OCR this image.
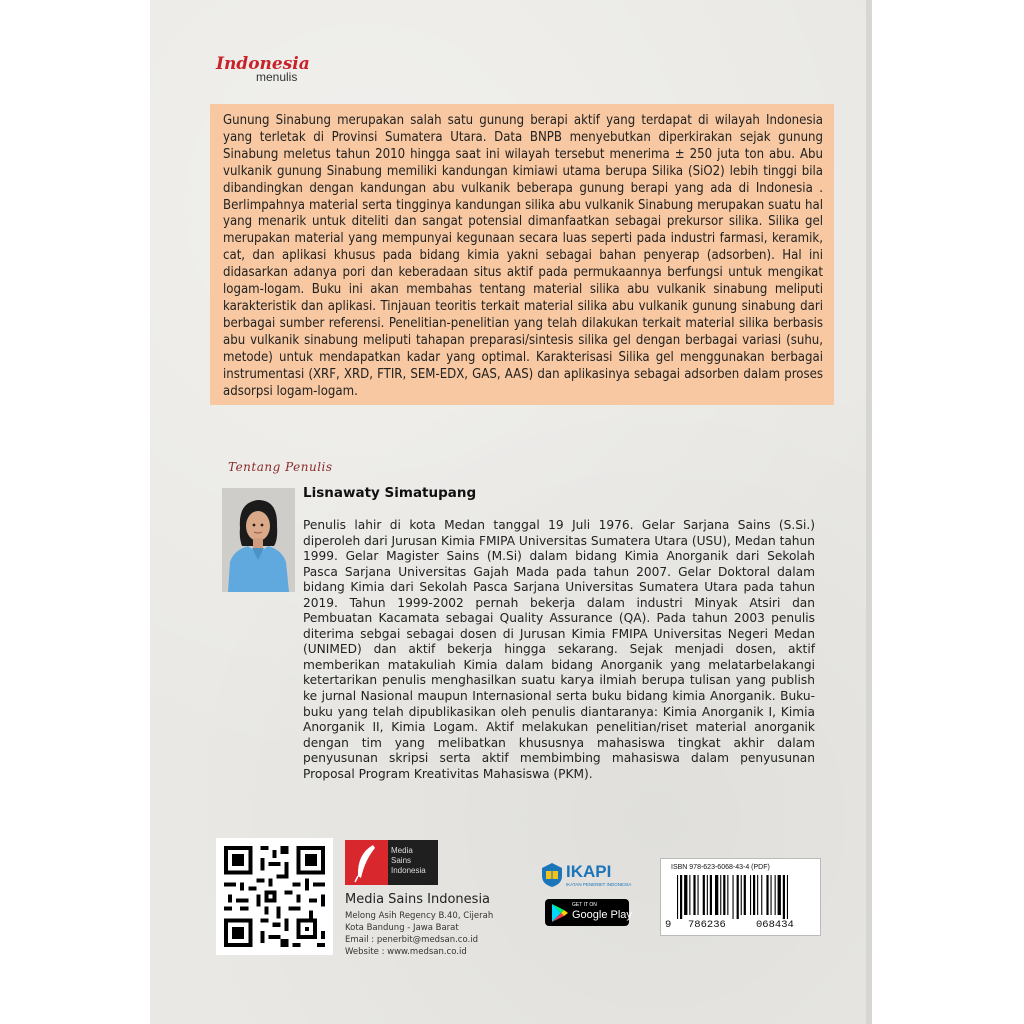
Indonesia
menulis

Gunung Sinabung merupakan salah satu gunung berapi aktif yang terdapat di wilayah Indonesia yang terletak di Provinsi Sumatera Utara. Data BNPB menyebutkan diperkirakan sejak gunung Sinabung meletus tahun 2010 hingga saat ini wilayah tersebut menerima ± 250 juta ton abu. Abu vulkanik gunung Sinabung memiliki kandungan kimiawi utama berupa Silika (SiO2) lebih tinggi bila dibandingkan dengan kandungan abu vulkanik beberapa gunung berapi yang ada di Indonesia . Berlimpahnya material serta tingginya kandungan silika abu vulkanik Sinabung merupakan suatu hal yang menarik untuk diteliti dan sangat potensial dimanfaatkan sebagai prekursor silika. Silika gel merupakan material yang mempunyai kegunaan secara luas seperti pada industri farmasi, keramik, cat, dan aplikasi khusus pada bidang kimia yakni sebagai bahan penyerap (adsorben). Hal ini didasarkan adanya pori dan keberadaan situs aktif pada permukaannya berfungsi untuk mengikat logam-logam. Buku ini akan membahas tentang material silika abu vulkanik sinabung meliputi karakteristik dan aplikasi. Tinjauan teoritis terkait material silika abu vulkanik gunung sinabung dari berbagai sumber referensi. Penelitian-penelitian yang telah dilakukan terkait material silika berbasis abu vulkanik sinabung meliputi tahapan preparasi/sintesis silika gel dengan berbagai variasi (suhu, metode) untuk mendapatkan kadar yang optimal. Karakterisasi Silika gel menggunakan berbagai instrumentasi (XRF, XRD, FTIR, SEM-EDX, GAS, AAS) dan aplikasinya sebagai adsorben dalam proses adsorpsi logam-logam.

Tentang Penulis
Lisnawaty Simatupang

Penulis lahir di kota Medan tanggal 19 Juli 1976. Gelar Sarjana Sains (S.Si.) diperoleh dari Jurusan Kimia FMIPA Universitas Sumatera Utara (USU), Medan tahun 1999. Gelar Magister Sains (M.Si) dalam bidang Kimia Anorganik dari Sekolah Pasca Sarjana Universitas Gajah Mada pada tahun 2007. Gelar Doktoral dalam bidang Kimia dari Sekolah Pasca Sarjana Universitas Sumatera Utara pada tahun 2019. Tahun 1999-2002 pernah bekerja dalam industri Minyak Atsiri dan Pembuatan Kacamata sebagai Quality Assurance (QA). Pada tahun 2003 penulis diterima sebgai sebagai dosen di Jurusan Kimia FMIPA Universitas Negeri Medan (UNIMED) dan aktif bekerja hingga sekarang. Sejak menjadi dosen, aktif memberikan matakuliah Kimia dalam bidang Anorganik yang melatarbelakangi ketertarikan penulis menghasilkan suatu karya ilmiah berupa tulisan yang publish ke jurnal Nasional maupun Internasional serta buku bidang kimia Anorganik. Buku-buku yang telah dipublikasikan oleh penulis diantaranya: Kimia Anorganik I, Kimia Anorganik II, Kimia Logam. Aktif melakukan penelitian/riset material anorganik dengan tim yang melibatkan khususnya mahasiswa tingkat akhir dalam penyusunan skripsi serta aktif membimbing mahasiswa dalam penyusunan Proposal Program Kreativitas Mahasiswa (PKM).

Media
Sains
Indonesia
Media Sains Indonesia
Melong Asih Regency B.40, Cijerah
Kota Bandung - Jawa Barat
Email : penerbit@medsan.co.id
Website : www.medsan.co.id
IKAPI
IKATAN PENERBIT INDONESIA
GET IT ON
Google Play
ISBN 978-623-6068-43-4 (PDF)
9 786236	068434
